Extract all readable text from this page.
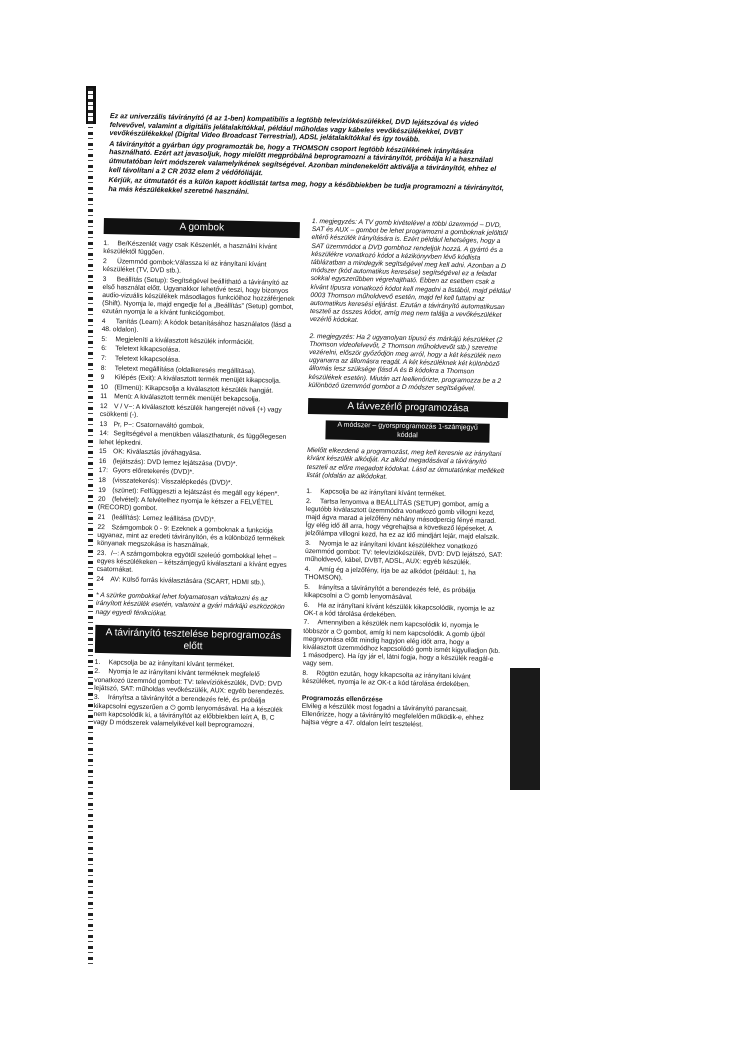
Ez az univerzális távirányító (4 az 1-ben) kompatibilis a legtöbb televíziókészülékkel, DVD lejátszóval és videó felvevővel, valamint a digitális jelátalakítókkal, például műholdas vagy kábeles vevőkészülékekkel, DVBT vevőkészülékekkel (Digital Video Broadcast Terrestrial), ADSL jelátalakítókkal és így tovább.

A távirányítót a gyárban úgy programozták be, hogy a THOMSON csoport legtöbb készülékének irányítására használható. Ezért azt javasoljuk, hogy mielőtt megpróbálná beprogramozni a távirányítót, próbálja ki a használati útmutatóban leírt módszerek valamelyikének segítségével. Azonban mindenekelőtt aktiválja a távirányítót, ehhez el kell távolítani a 2 CR 2032 elem 2 védőfóliáját.

Kérjük, az útmutatót és a külön kapott kódlistát tartsa meg, hogy a későbbiekben be tudja programozni a távirányítót, ha más készülékekkel szeretné használni.

A gombok
1. Be/Készenlét vagy csak Készenlét, a használni kívánt készüléktől függően.
2 Üzemmód gombok:Válassza ki az irányítani kívánt készüléket (TV, DVD stb.).
3 Beállítás (Setup): Segítségével beállítható a távirányító az első használat előtt. Ugyanakkor lehetővé teszi, hogy bizonyos audio-vizuális készülékek másodlagos funkcióihoz hozzáférjenek (Shift). Nyomja le, majd engedje fel a „Beállítás” (Setup) gombot, ezután nyomja le a kívánt funkciógombot.
4 Tanítás (Learn): A kódok betanításához használatos (lásd a 48. oldalon).
5: Megjeleníti a kiválasztott készülék információit.
6: Teletext kikapcsolása.
7: Teletext kikapcsolása.
8: Teletext megállítása (oldalkeresés megállítása).
9 Kilépés (Exit): A kiválasztott termék menüjét kikapcsolja.
10 (Elmenü): Kikapcsolja a kiválasztott készülék hangját.
11 Menü: A kiválasztott termék menüjét bekapcsolja.
12 V / V−: A kiválasztott készülék hangerejét növeli (+) vagy csökkenti (-).
13 Pr, P−: Csatornaváltó gombok.
14: Segítségével a menükben választhatunk, és függőlegesen lehet lépkedni.
15 OK: Kiválasztás jóváhagyása.
16 (lejátszás): DVD lemez lejátszása (DVD)*.
17: Gyors előretekerés (DVD)*.
18 (visszatekerés): Visszalépkedés (DVD)*.
19 (szünet): Felfüggeszti a lejátszást és megáll egy képen*.
20 (felvétel): A felvételhez nyomja le kétszer a FELVÉTEL (RECORD) gombot.
21 (leállítás): Lemez leállítása (DVD)*.
22 Számgombok 0 - 9: Ezeknek a gomboknak a funkciója ugyanaz, mint az eredeti távirányítón, és a különböző termékek könyanak megszokása is használnak.
23. /--: A számgombokra egyötől szeleúó gombokkal lehet – egyes készülékeken – kétszámjegyű kiválasztani a kívánt egyes csatornákat.
24 AV: Külső forrás kiválasztására (SCART, HDMI stb.).

* A szürke gombokkal lehet folyamatosan váltakozni és az irányított készülék esetén, valamint a gyári márkájú eszközökön nagy egyedi fénikciókat.

A távirányító tesztelése beprogramozás előtt
1. Kapcsolja be az irányítani kívánt terméket.
2. Nyomja le az irányítani kívánt terméknek megfelelő vonatkozó üzemmód gombot: TV: televíziókészülék, DVD: DVD lejátszó, SAT: műholdas vevőkészülék, AUX: egyéb berendezés.
3. Irányítsa a távirányítót a berendezés felé, és próbálja kikapcsolni egyszerűen a ⏻ gomb lenyomásával. Ha a készülék nem kapcsolódik ki, a távirányítót az előbbiekben leírt A, B, C vagy D módszerek valamelyikével kell beprogramozni.

1. megjegyzés: A TV gomb kivételével a többi üzemmód – DVD, SAT és AUX – gombot be lehet programozni a gomboknak jelölttől eltérő készülék irányítására is. Ezért például lehetséges, hogy a SAT üzemmódot a DVD gombhoz rendeljük hozzá. A gyártó és a készülékre vonatkozó kódot a kézikönyvben lévő kódlista táblázatban a mindegyik segítségével meg kell adni. Azonban a D módszer (kód automatikus keresése) segítségével ez a feladat sokkal egyszerűbben végrehajtható. Ebben az esetben csak a kívánt típusra vonatkozó kódot kell megadni a listából, majd például 0003 Thomson műholdvevő esetén, majd fel kell futtatni az automatikus keresési eljárást. Ezután a távirányító automatikusan teszteli az összes kódot, amíg meg nem találja a vevőkészüléket vezérlő kódokat.

2. megjegyzés: Ha 2 ugyanolyan típusú és márkájú készüléket (2 Thomson videofelvevőt, 2 Thomson műholdvevőt stb.) szeretne vezérelni, először győződjön meg arról, hogy a két készülék nem ugyanarra az állomásra reagál. A két készüléknek két különböző állomás lesz szüksége (lásd A és B kódokra a Thomson készülékek esetén). Miután azt leellenőrizte, programozza be a 2 különböző üzemmód gombot a D módszer segítségével.

A távvezérlő programozása
A módszer – gyorsprogramozás 1-számjegyű kóddal

Mielőtt elkezdené a programozást, meg kell keresnie az irányítani kívánt készülék alkódját. Az alkód megadásával a távirányító teszteli az előre megadott kódokat. Lásd az útmutatónkat mellékelt listát (oldalán az alkódokat.

1. Kapcsolja be az irányítani kívánt terméket.
2. Tartsa lenyomva a BEÁLLÍTÁS (SETUP) gombot, amíg a legutóbb kiválasztott üzemmódra vonatkozó gomb villogni kezd, majd ágva marad a jelzőfény néhány másodpercig fényé marad. Így elég idő áll arra, hogy végrehajtsa a következő lépéseket. A jelzőlámpa villogni kezd, ha ez az idő mindjárt lejár, majd elalszik.
3. Nyomja le az irányítani kívánt készülékhez vonatkozó üzemmód gombot: TV: televíziókészülék, DVD: DVD lejátszó, SAT: műholdvevő, kábel, DVBT, ADSL, AUX: egyéb készülék.
4. Amíg ég a jelzőfény, írja be az alkódot (például: 1, ha THOMSON).
5. Irányítsa a távirányítót a berendezés felé, és próbálja kikapcsolni a ⏻ gomb lenyomásával.
6. Ha az irányítani kívánt készülék kikapcsolódik, nyomja le az OK-t a kód tárolása érdekében.
7. Amennyiben a készülék nem kapcsolódik ki, nyomja le többször a ⏻ gombot, amíg ki nem kapcsolódik. A gomb újból megnyomása előtt mindig hagyjon elég időt arra, hogy a kiválasztott üzemmódhoz kapcsolódó gomb ismét kigyulladjon (kb. 1 másodperc). Ha így jár el, látni fogja, hogy a készülék reagál-e vagy sem.
8. Rögtön ezután, hogy kikapcsolta az irányítani kívánt készüléket, nyomja le az OK-t a kód tárolása érdekében.
Programozás ellenőrzése

Elvileg a készülék most fogadni a távirányító parancsait. Ellenőrizze, hogy a távirányító megfelelően működik-e, ehhez hajtsa végre a 47. oldalon leírt tesztelést.
